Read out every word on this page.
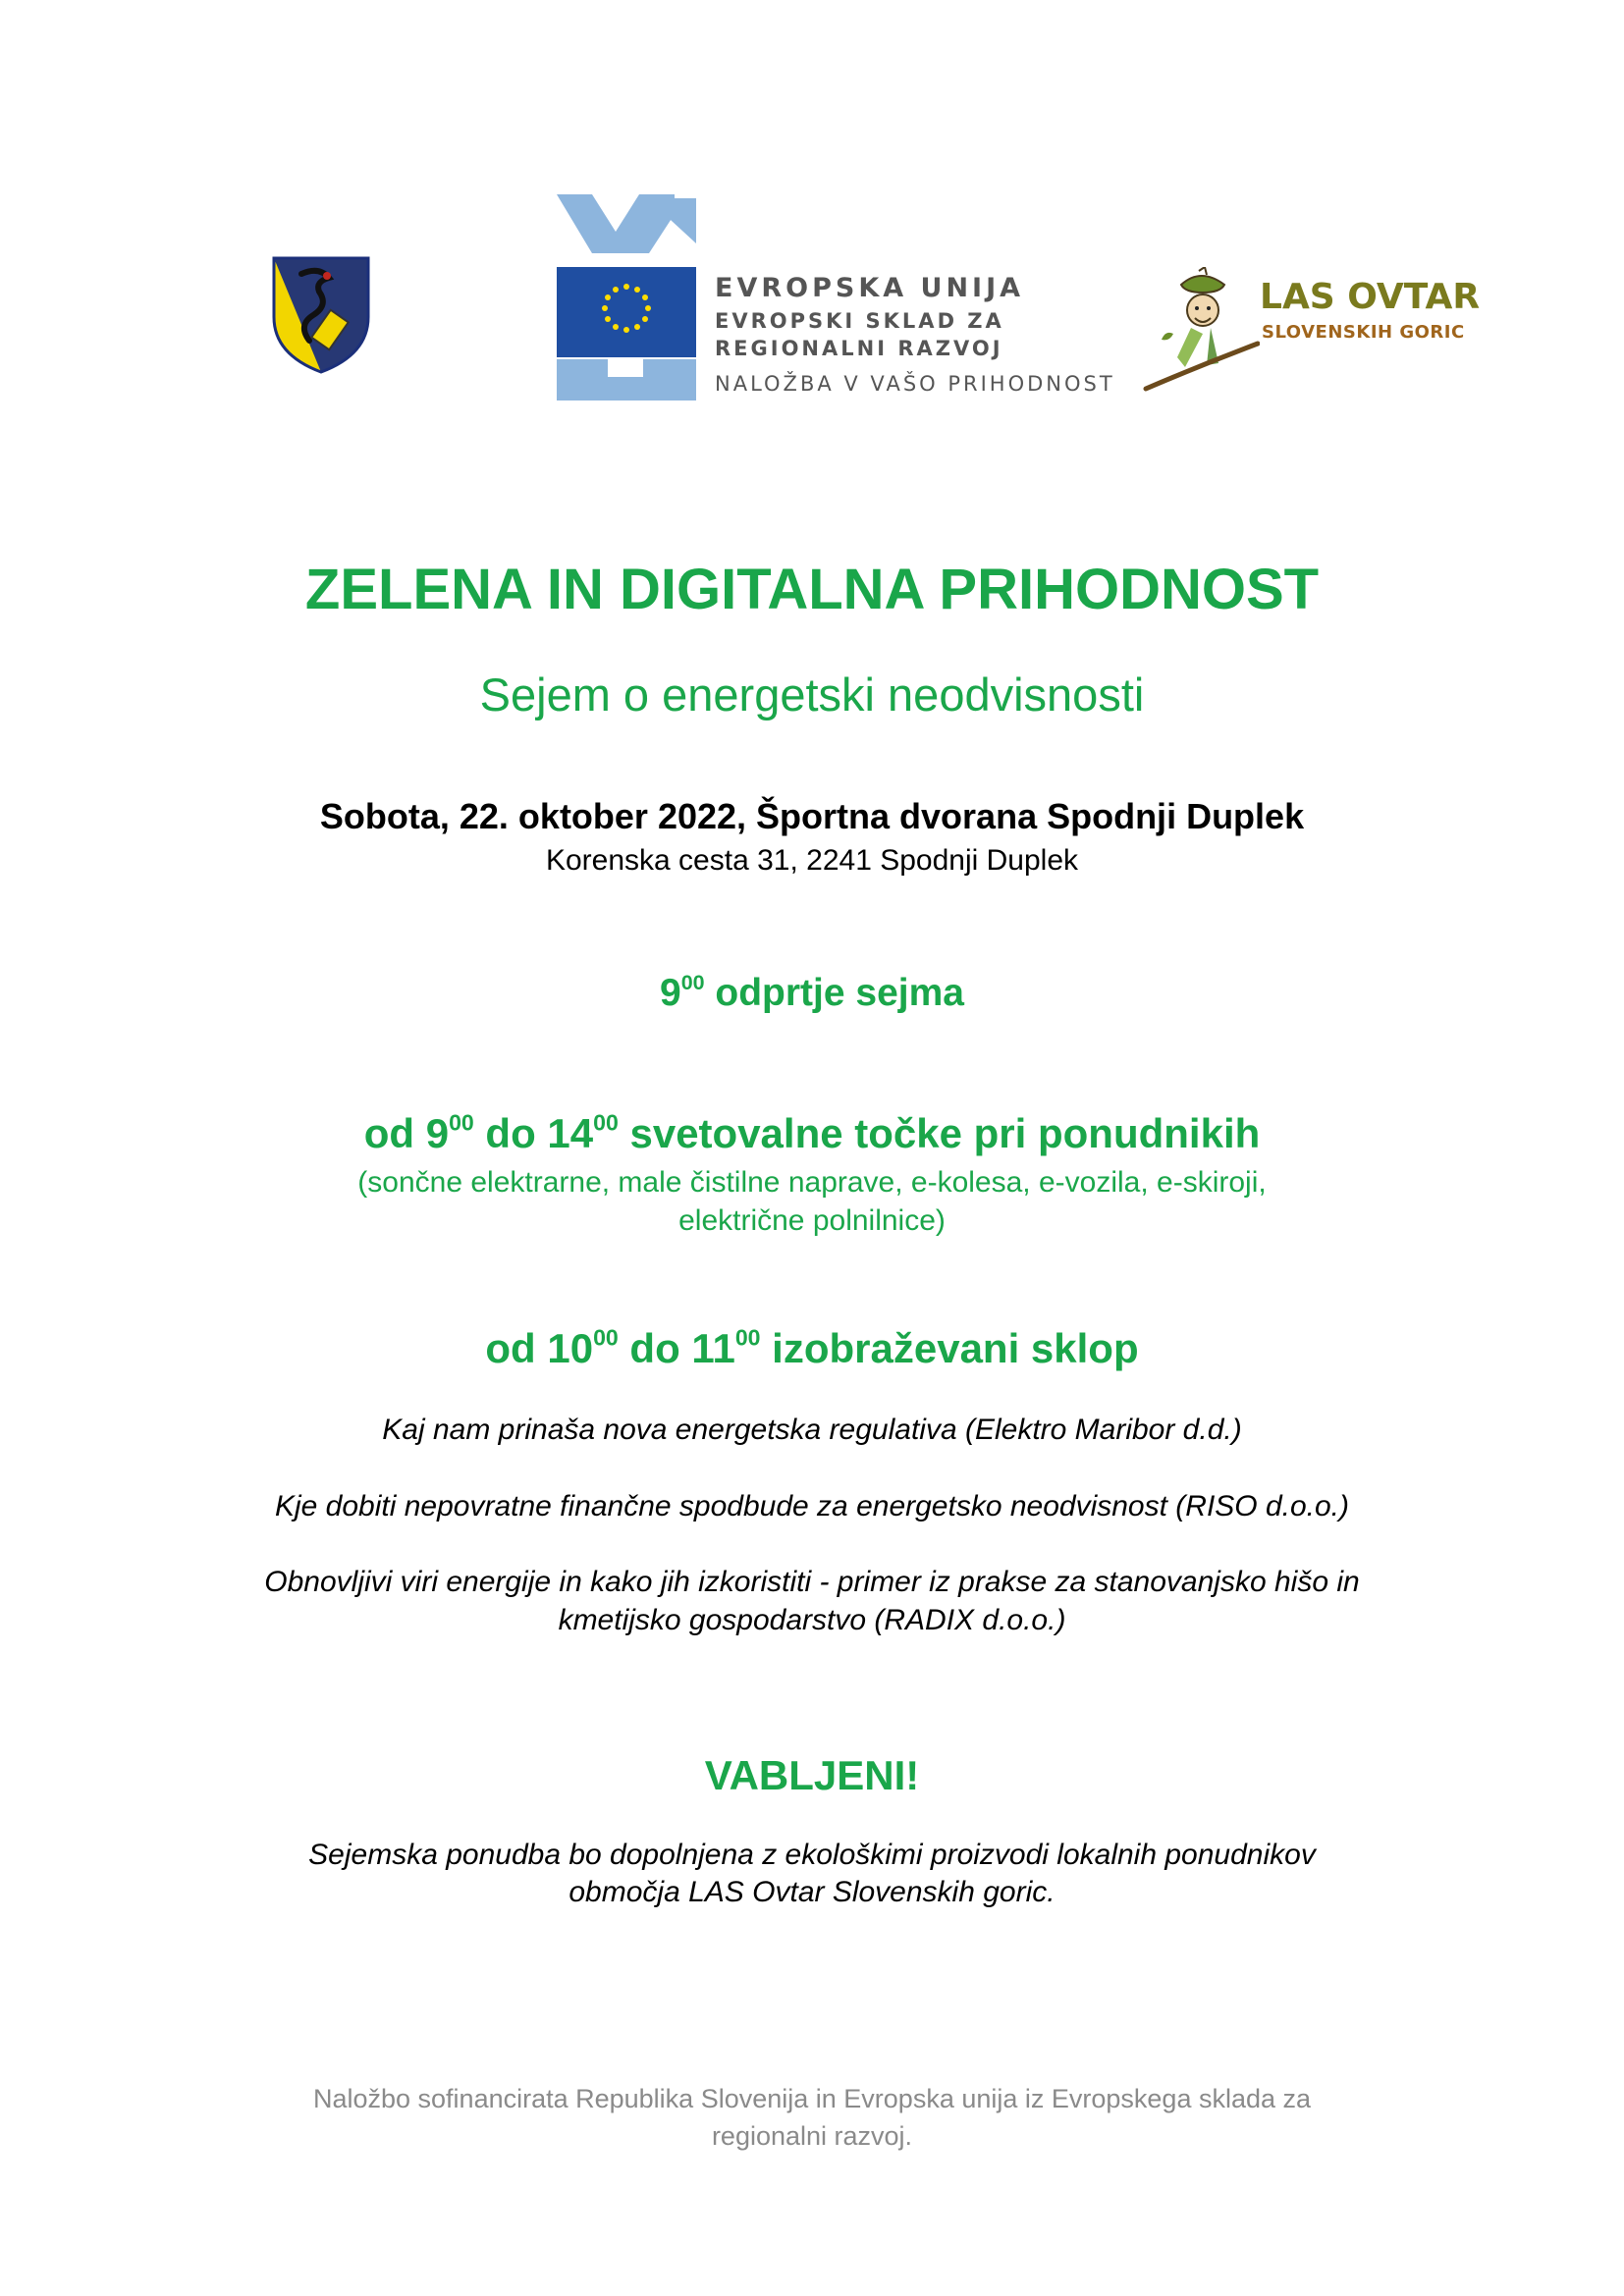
EVROPSKA UNIJA
EVROPSKI SKLAD ZA
REGIONALNI RAZVOJ
NALOŽBA V VAŠO PRIHODNOST
LAS OVTAR
SLOVENSKIH GORIC
ZELENA IN DIGITALNA PRIHODNOST
Sejem o energetski neodvisnosti
Sobota, 22. oktober 2022, Športna dvorana Spodnji Duplek
Korenska cesta 31, 2241 Spodnji Duplek
$9^{00}$ odprtje sejma
od $9^{00}$ do $14^{00}$ svetovalne točke pri ponudnikih
(sončne elektrarne, male čistilne naprave, e-kolesa, e-vozila, e-skiroji,
električne polnilnice)
od $10^{00}$ do $11^{00}$ izobraževani sklop
Kaj nam prinaša nova energetska regulativa (Elektro Maribor d.d.)
Kje dobiti nepovratne finančne spodbude za energetsko neodvisnost (RISO d.o.o.)
Obnovljivi viri energije in kako jih izkoristiti - primer iz prakse za stanovanjsko hišo in
kmetijsko gospodarstvo (RADIX d.o.o.)
VABLJENI!
Sejemska ponudba bo dopolnjena z ekološkimi proizvodi lokalnih ponudnikov
območja LAS Ovtar Slovenskih goric.
Naložbo sofinancirata Republika Slovenija in Evropska unija iz Evropskega sklada za
regionalni razvoj.
